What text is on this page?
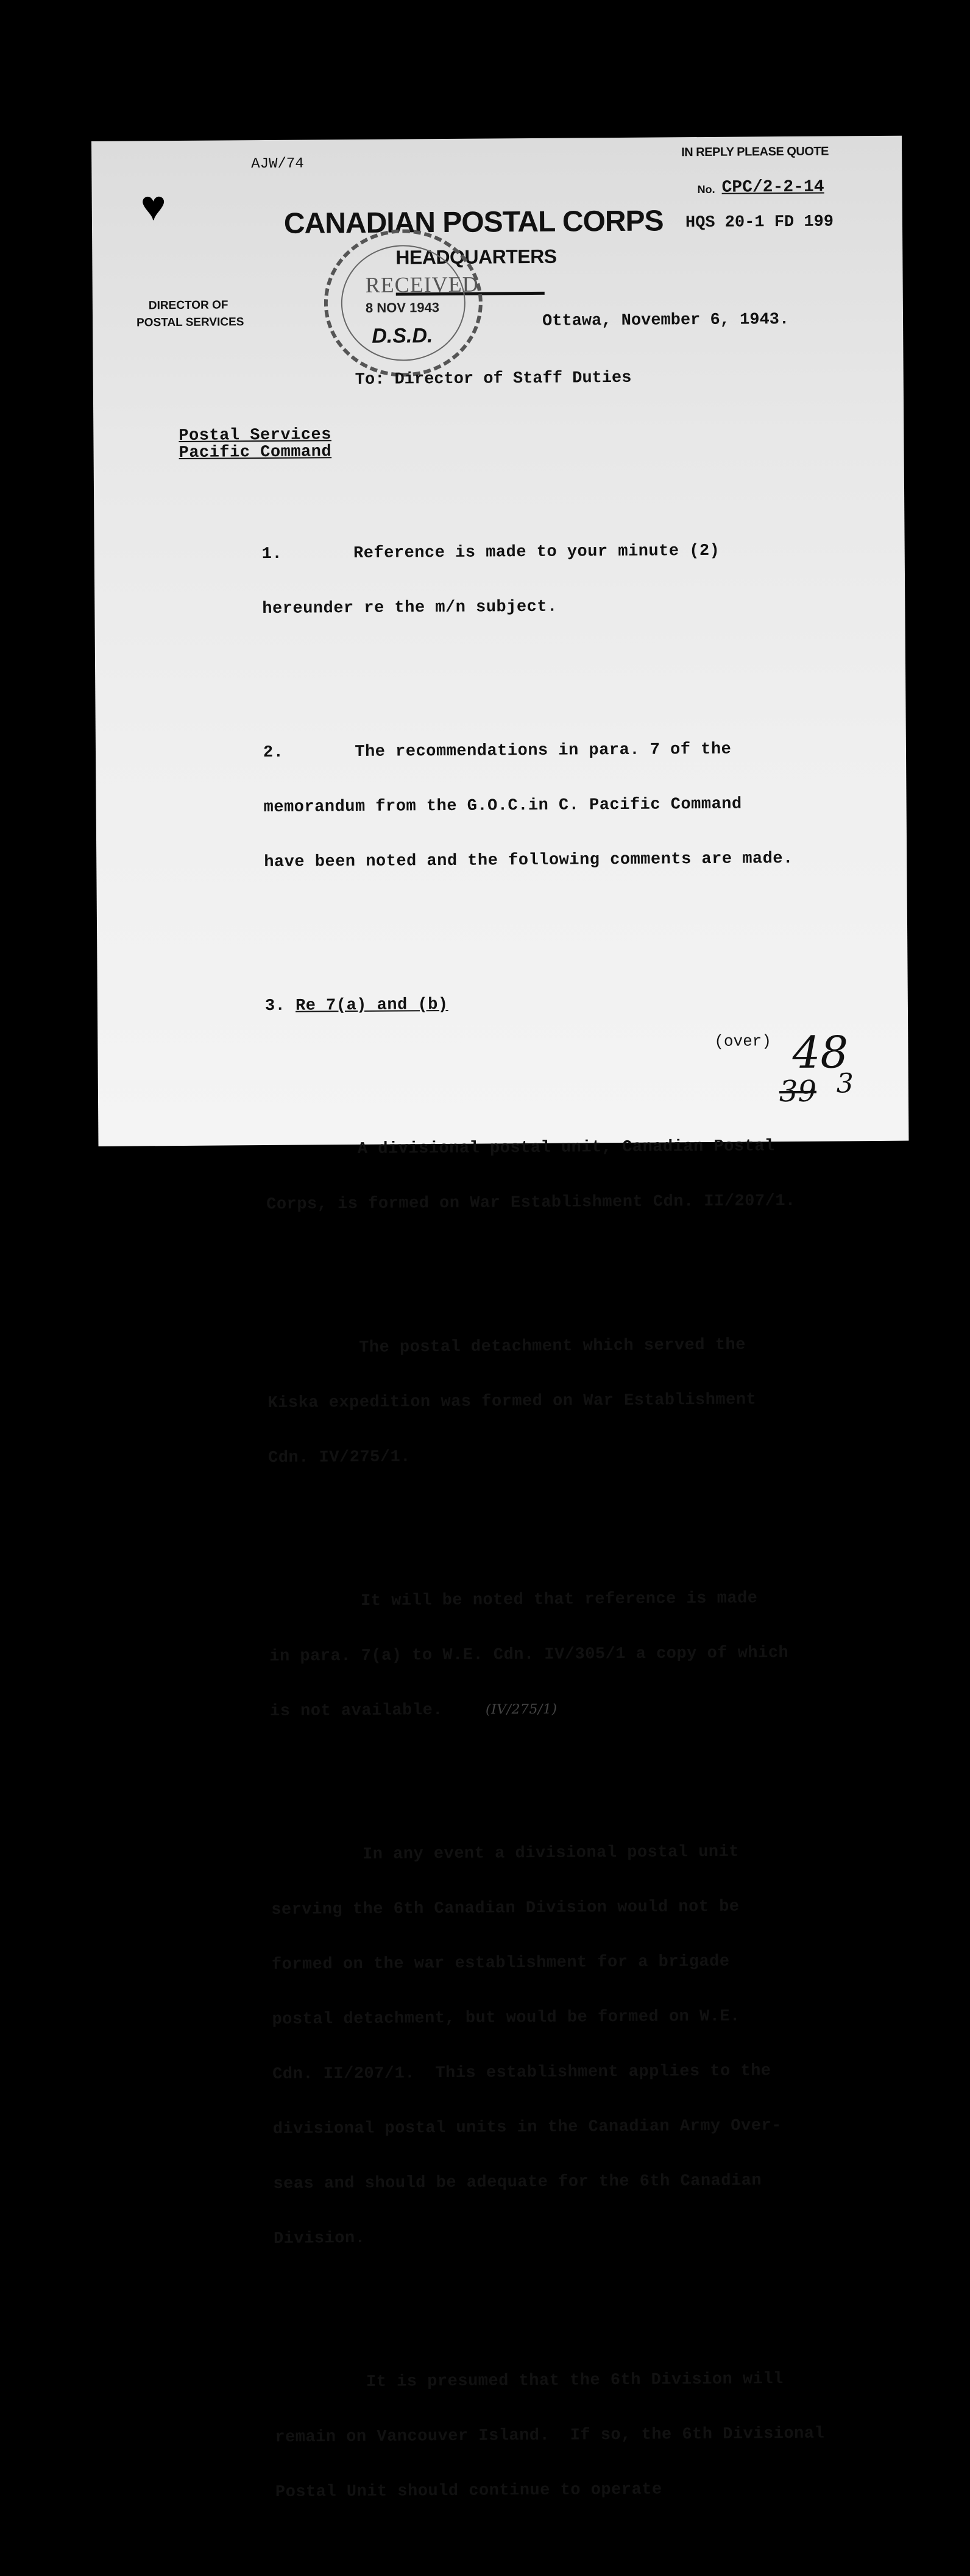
AJW/74
IN REPLY PLEASE QUOTE
No. CPC/2-2-14
♥	CANADIAN POSTAL CORPS HQS 20-1 FD 199
HEADQUARTERS
RECEIVED
8 NOV 1943
D.S.D.
DIRECTOR OF
POSTAL SERVICES	Ottawa, November 6, 1943.
To: Director of Staff Duties
Postal Services
Pacific Command

1.       Reference is made to your minute (2)

hereunder re the m/n subject.

2.       The recommendations in para. 7 of the

memorandum from the G.O.C.in C. Pacific Command

have been noted and the following comments are made.

3. Re 7(a) and (b)

A divisional postal unit, Canadian Postal

Corps, is formed on War Establishment Cdn. II/207/1.

The postal detachment which served the

Kiska expedition was formed on War Establishment

Cdn. IV/275/1.

It will be noted that reference is made

in para. 7(a) to W.E. Cdn. IV/305/1 a copy of which

is not available.	(IV/275/1)

In any event a divisional postal unit

serving the 6th Canadian Division would not be

formed on the war establishment for a brigade

postal detachment, but would be formed on W.E.

Cdn. II/207/1.  This establishment applies to the

divisional postal units in the Canadian Army Over-

seas and should be adequate for the 6th Canadian

Division.

It is presumed that the 6th Division will

remain on Vancouver Island.  If so, the 6th Divisional

Postal Unit should continue to operate

(over) 48
3
39
